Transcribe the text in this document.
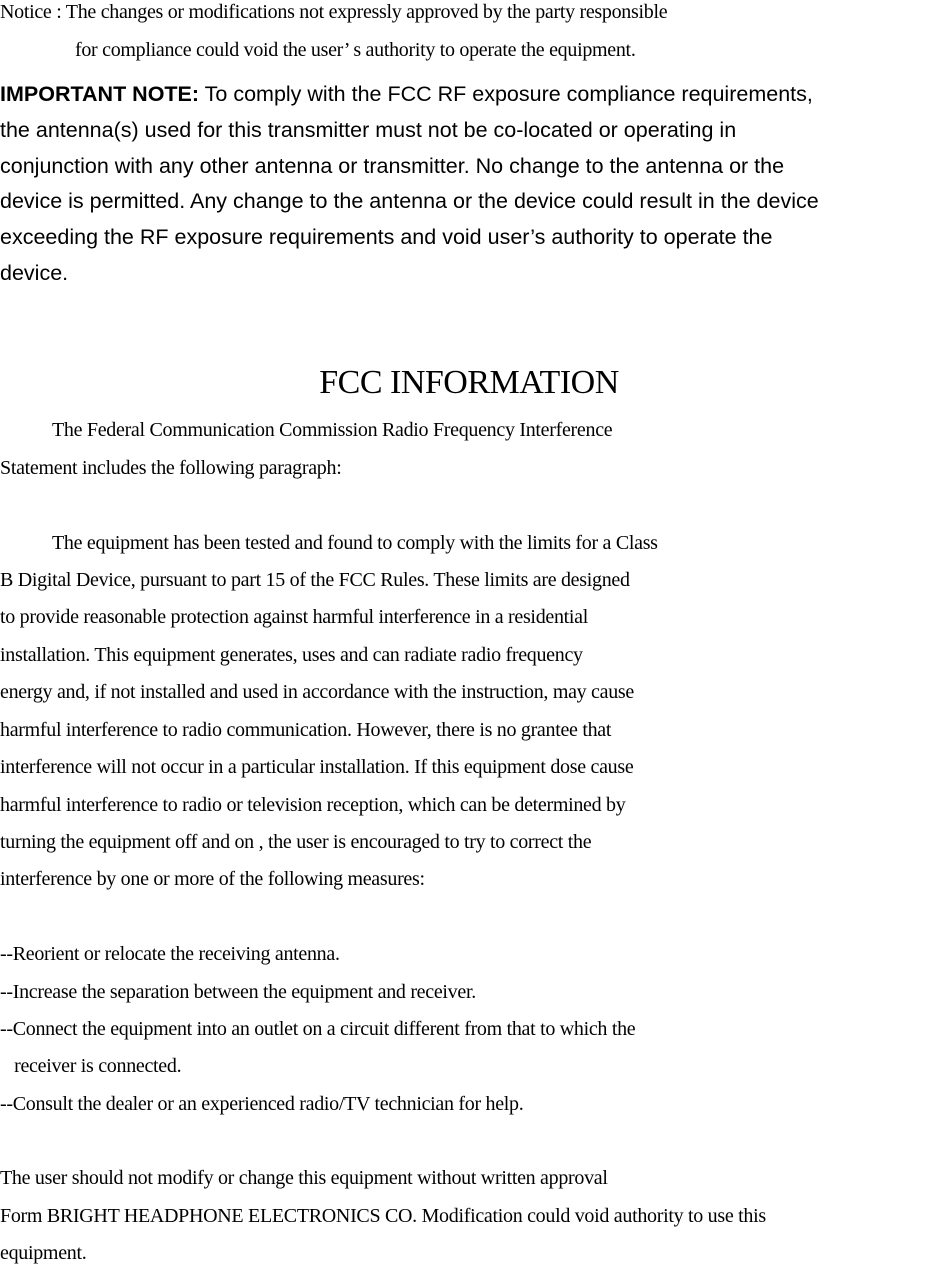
Notice : The changes or modifications not expressly approved by the party responsible
for compliance could void the user’ s authority to operate the equipment.
IMPORTANT NOTE: To comply with the FCC RF exposure compliance requirements,
the antenna(s) used for this transmitter must not be co-located or operating in
conjunction with any other antenna or transmitter. No change to the antenna or the
device is permitted. Any change to the antenna or the device could result in the device
exceeding the RF exposure requirements and void user’s authority to operate the
device.
FCC INFORMATION
The Federal Communication Commission Radio Frequency Interference
Statement includes the following paragraph:
The equipment has been tested and found to comply with the limits for a Class
B Digital Device, pursuant to part 15 of the FCC Rules. These limits are designed
to provide reasonable protection against harmful interference in a residential
installation. This equipment generates, uses and can radiate radio frequency
energy and, if not installed and used in accordance with the instruction, may cause
harmful interference to radio communication. However, there is no grantee that
interference will not occur in a particular installation. If this equipment dose cause
harmful interference to radio or television reception, which can be determined by
turning the equipment off and on , the user is encouraged to try to correct the
interference by one or more of the following measures:
--Reorient or relocate the receiving antenna.
--Increase the separation between the equipment and receiver.
--Connect the equipment into an outlet on a circuit different from that to which the
receiver is connected.
--Consult the dealer or an experienced radio/TV technician for help.
The user should not modify or change this equipment without written approval
Form BRIGHT HEADPHONE ELECTRONICS CO. Modification could void authority to use this
equipment.
